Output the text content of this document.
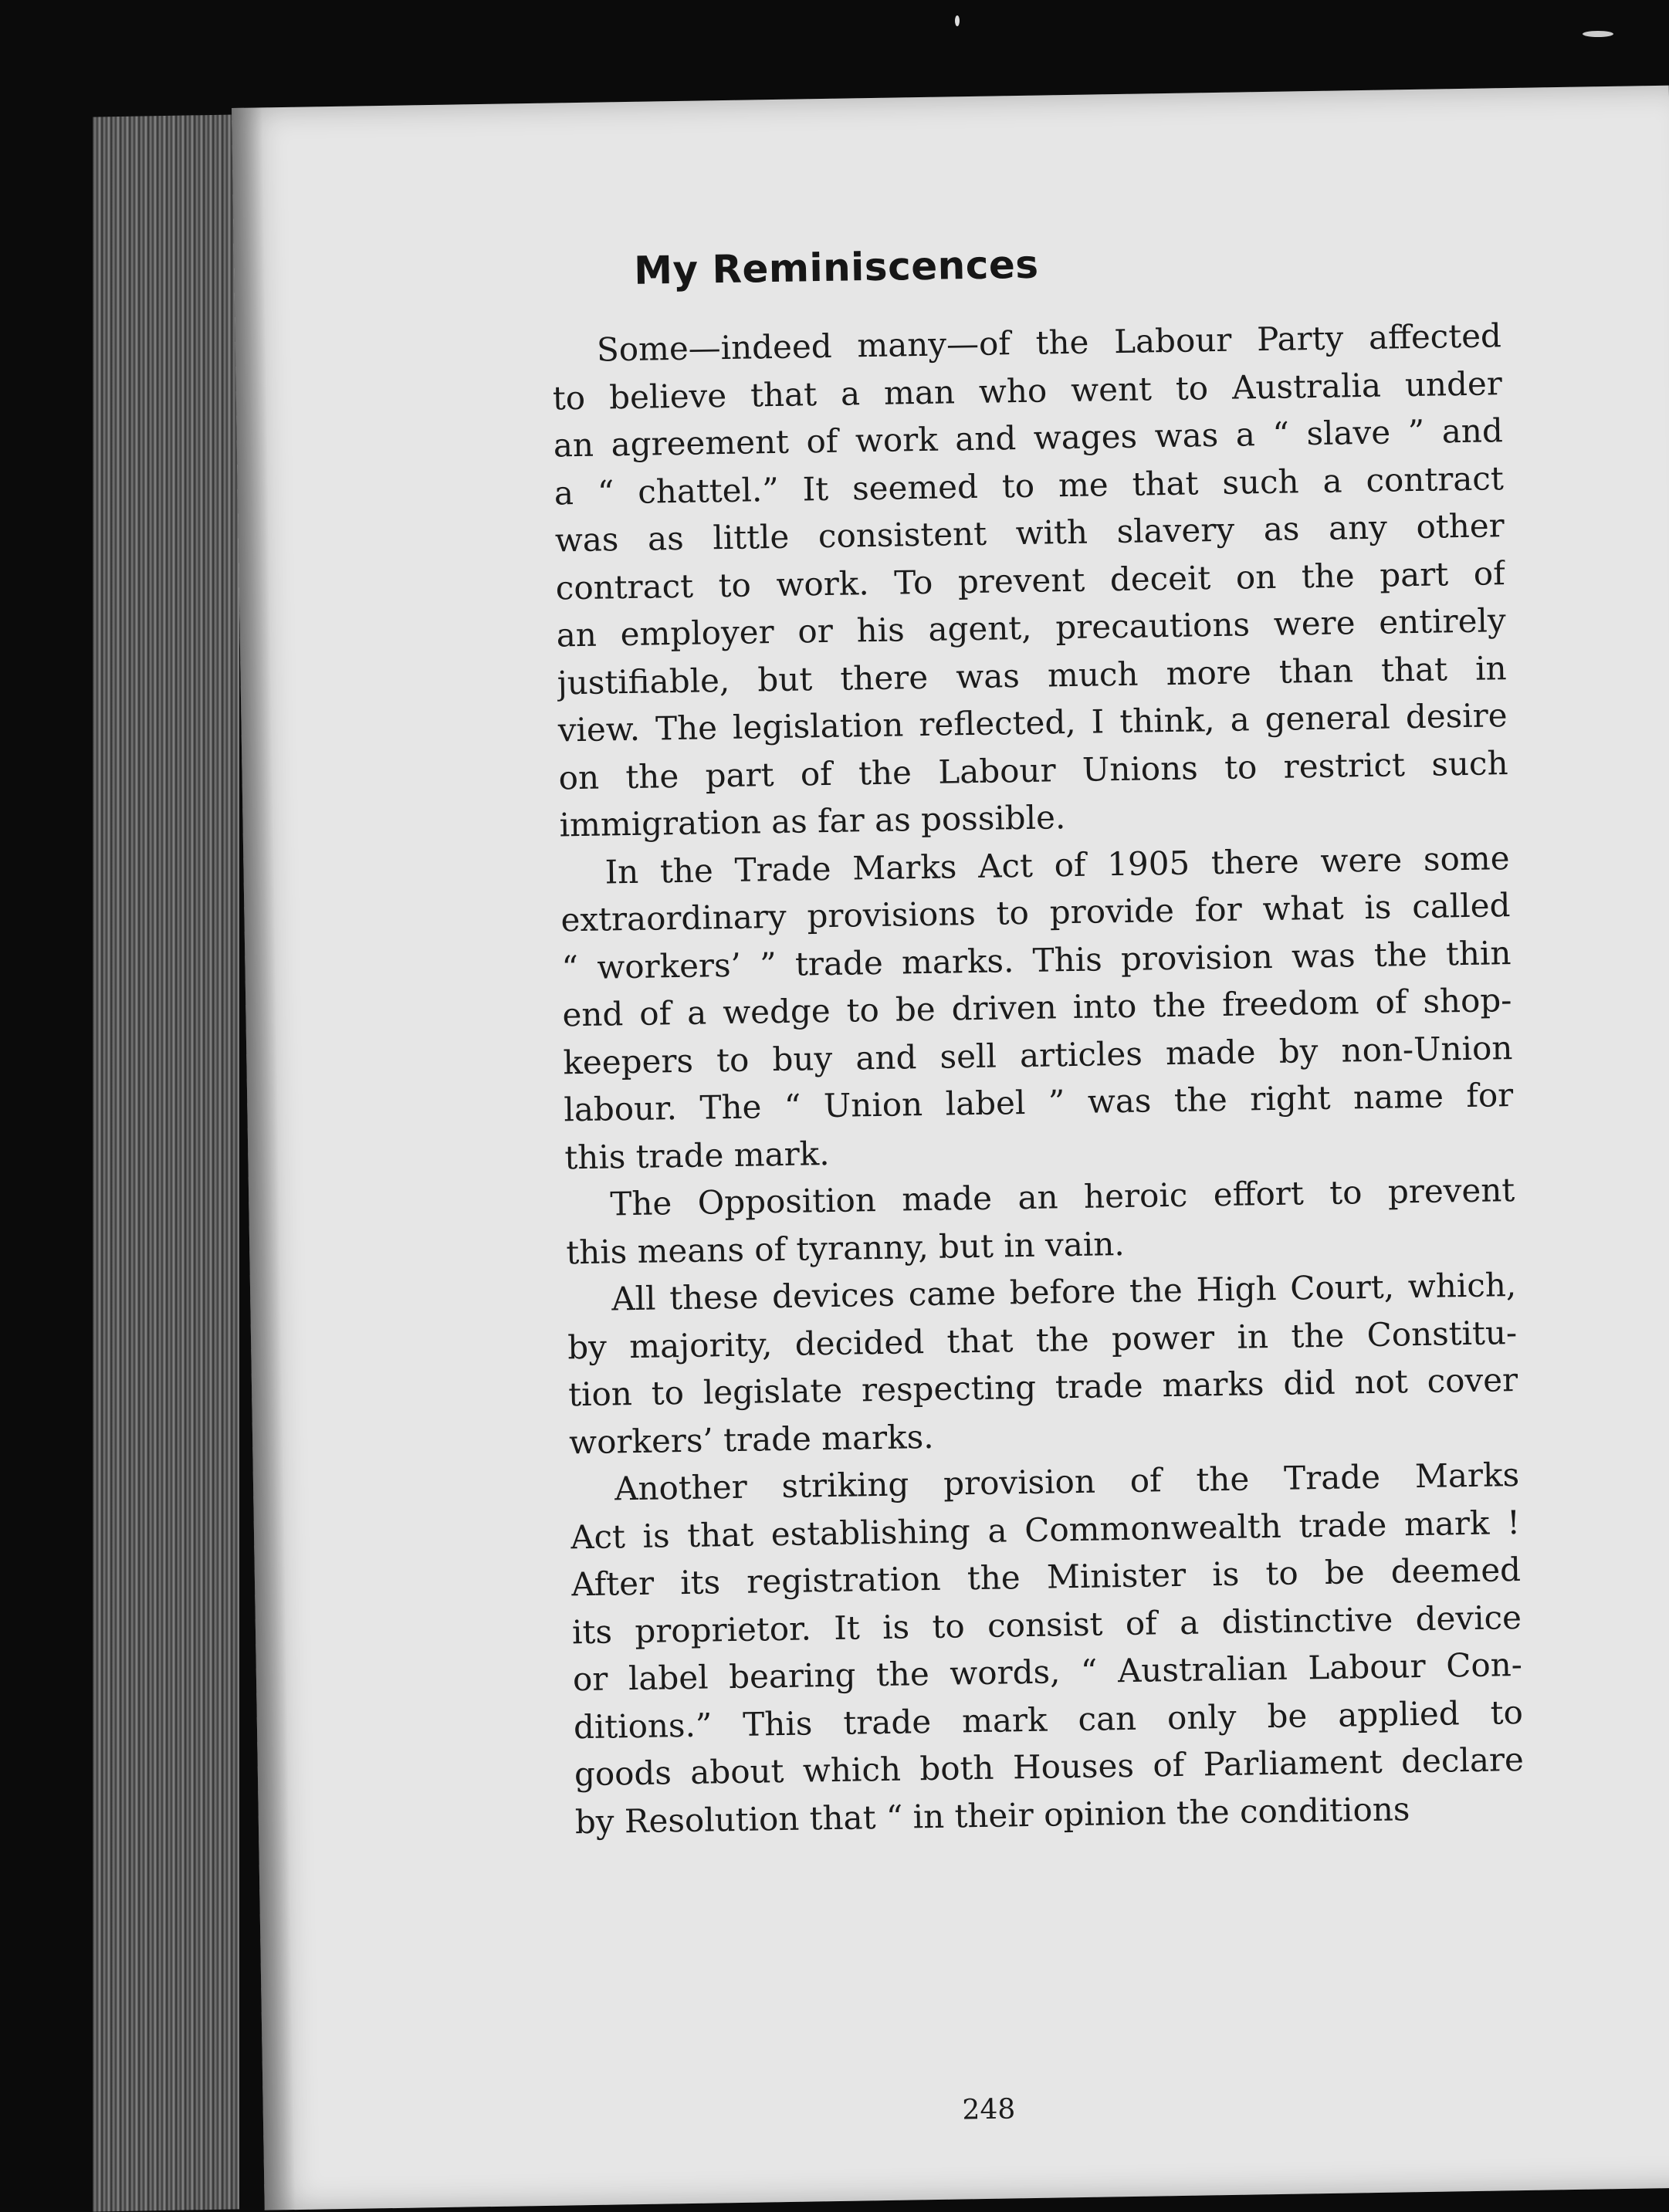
My Reminiscences
Some—indeed many—of the Labour Party affected
to believe that a man who went to Australia under
an agreement of work and wages was a “ slave ” and
a “ chattel.” It seemed to me that such a contract
was as little consistent with slavery as any other
contract to work. To prevent deceit on the part of
an employer or his agent, precautions were entirely
justifiable, but there was much more than that in
view. The legislation reflected, I think, a general desire
on the part of the Labour Unions to restrict such
immigration as far as possible.
In the Trade Marks Act of 1905 there were some
extraordinary provisions to provide for what is called
“ workers’ ” trade marks. This provision was the thin
end of a wedge to be driven into the freedom of shop-
keepers to buy and sell articles made by non-Union
labour. The “ Union label ” was the right name for
this trade mark.
The Opposition made an heroic effort to prevent
this means of tyranny, but in vain.
All these devices came before the High Court, which,
by majority, decided that the power in the Constitu-
tion to legislate respecting trade marks did not cover
workers’ trade marks.
Another striking provision of the Trade Marks
Act is that establishing a Commonwealth trade mark !
After its registration the Minister is to be deemed
its proprietor. It is to consist of a distinctive device
or label bearing the words, “ Australian Labour Con-
ditions.” This trade mark can only be applied to
goods about which both Houses of Parliament declare
by Resolution that “ in their opinion the conditions
248
